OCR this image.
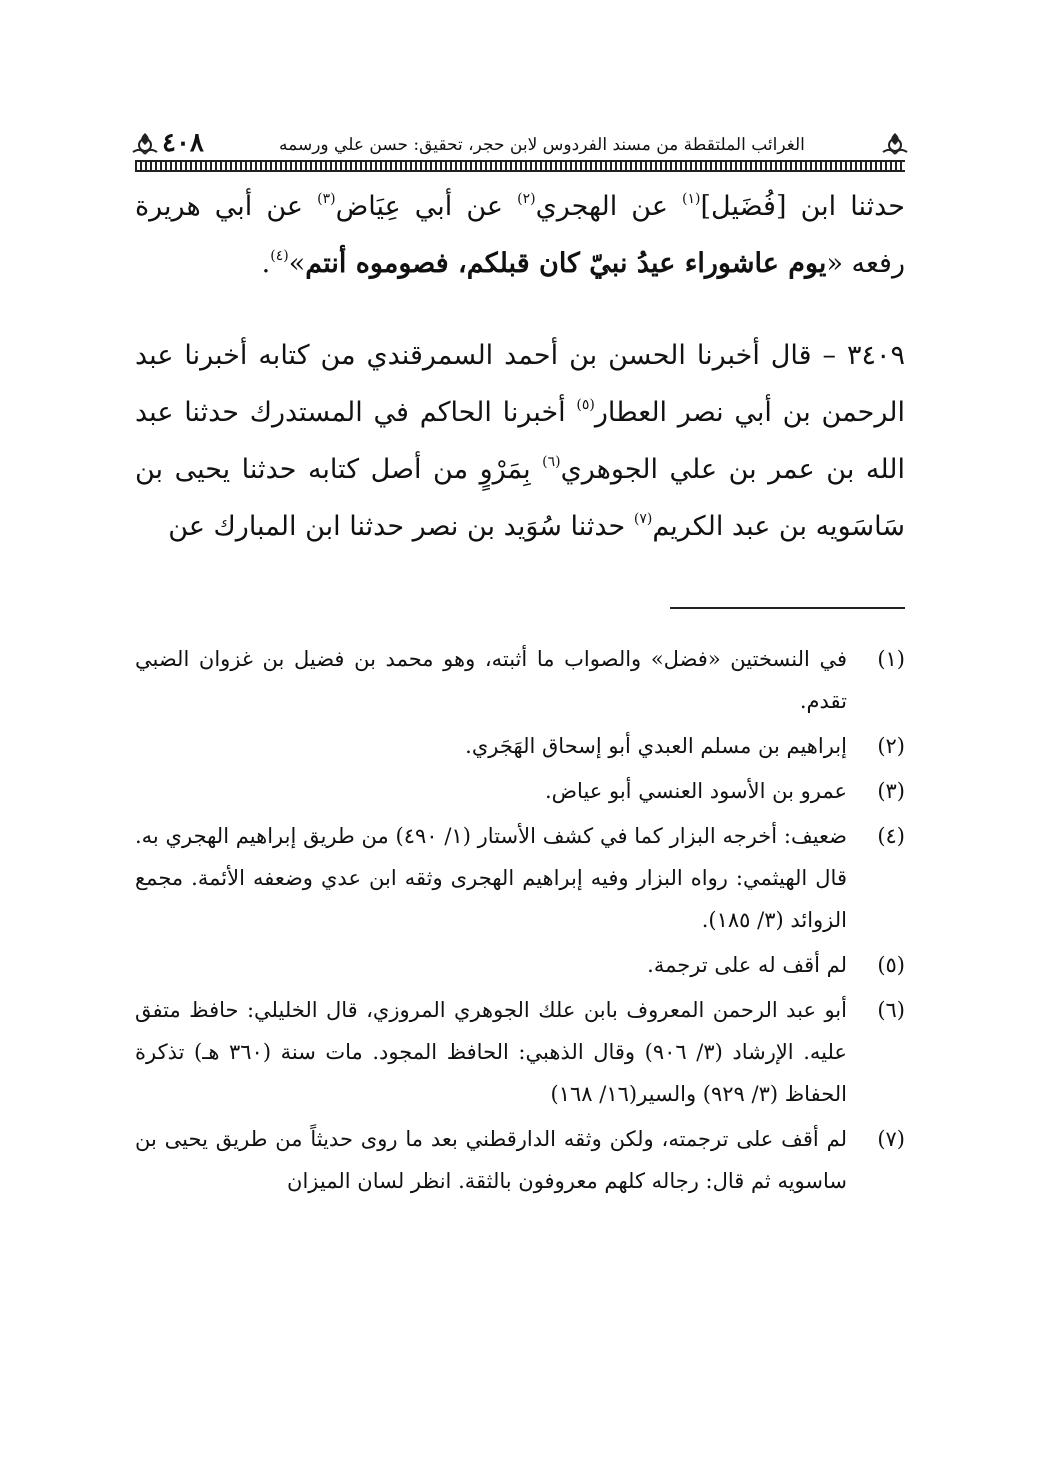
الغرائب الملتقطة من مسند الفردوس لابن حجر، تحقيق: حسن علي ورسمه
٤٠٨

حدثنا ابن [فُضَيل]$^{(١)}$ عن الهجري$^{(٢)}$ عن أبي عِيَاض$^{(٣)}$ عن أبي هريرة رفعه «يوم عاشوراء عيدُ نبيّ كان قبلكم، فصوموه أنتم»$^{(٤)}$.

٣٤٠٩ – قال أخبرنا الحسن بن أحمد السمرقندي من كتابه أخبرنا عبد الرحمن بن أبي نصر العطار$^{(٥)}$ أخبرنا الحاكم في المستدرك حدثنا عبد الله بن عمر بن علي الجوهري$^{(٦)}$ بِمَرْوٍ من أصل كتابه حدثنا يحيى بن سَاسَويه بن عبد الكريم$^{(٧)}$ حدثنا سُوَيد بن نصر حدثنا ابن المبارك عن

(١)
في النسختين «فضل» والصواب ما أثبته، وهو محمد بن فضيل بن غزوان الضبي تقدم.
(٢)
إبراهيم بن مسلم العبدي أبو إسحاق الهَجَري.
(٣)
عمرو بن الأسود العنسي أبو عياض.
(٤)
ضعيف: أخرجه البزار كما في كشف الأستار (١/ ٤٩٠) من طريق إبراهيم الهجري به. قال الهيثمي: رواه البزار وفيه إبراهيم الهجرى وثقه ابن عدي وضعفه الأئمة. مجمع الزوائد (٣/ ١٨٥).
(٥)
لم أقف له على ترجمة.
(٦)
أبو عبد الرحمن المعروف بابن علك الجوهري المروزي، قال الخليلي: حافظ متفق عليه. الإرشاد (٣/ ٩٠٦) وقال الذهبي: الحافظ المجود. مات سنة (٣٦٠ هـ) تذكرة الحفاظ (٣/ ٩٢٩) والسير(١٦/ ١٦٨)
(٧)
لم أقف على ترجمته، ولكن وثقه الدارقطني بعد ما روى حديثاً من طريق يحيى بن ساسويه ثم قال: رجاله كلهم معروفون بالثقة. انظر لسان الميزان
